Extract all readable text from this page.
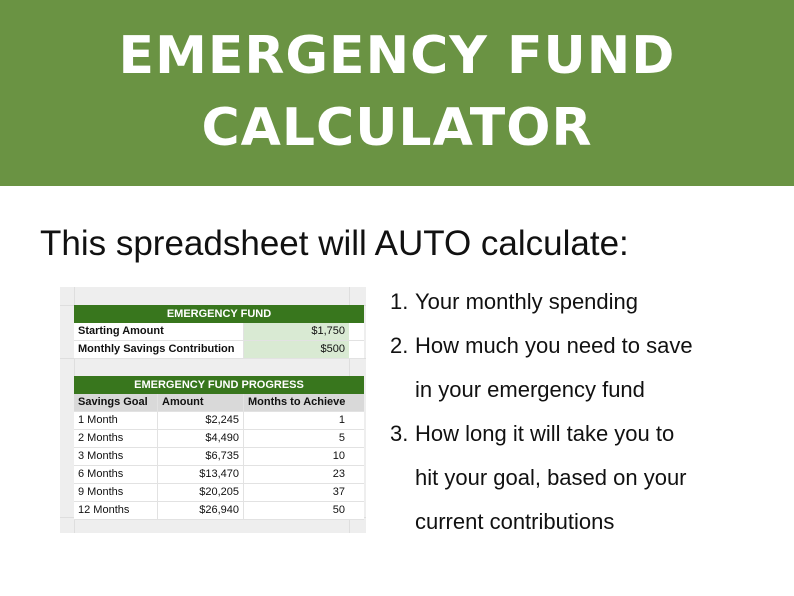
EMERGENCY FUND
CALCULATOR
This spreadsheet will AUTO calculate:
EMERGENCY FUND
Starting Amount	$1,750
Monthly Savings Contribution	$500
EMERGENCY FUND PROGRESS
Savings Goal	Amount	Months to Achieve
1 Month	$2,245	1
2 Months	$4,490	5
3 Months	$6,735	10
6 Months	$13,470	23
9 Months	$20,205	37
12 Months	$26,940	50
1. Your monthly spending
2. How much you need to save
in your emergency fund
3. How long it will take you to
hit your goal, based on your
current contributions
